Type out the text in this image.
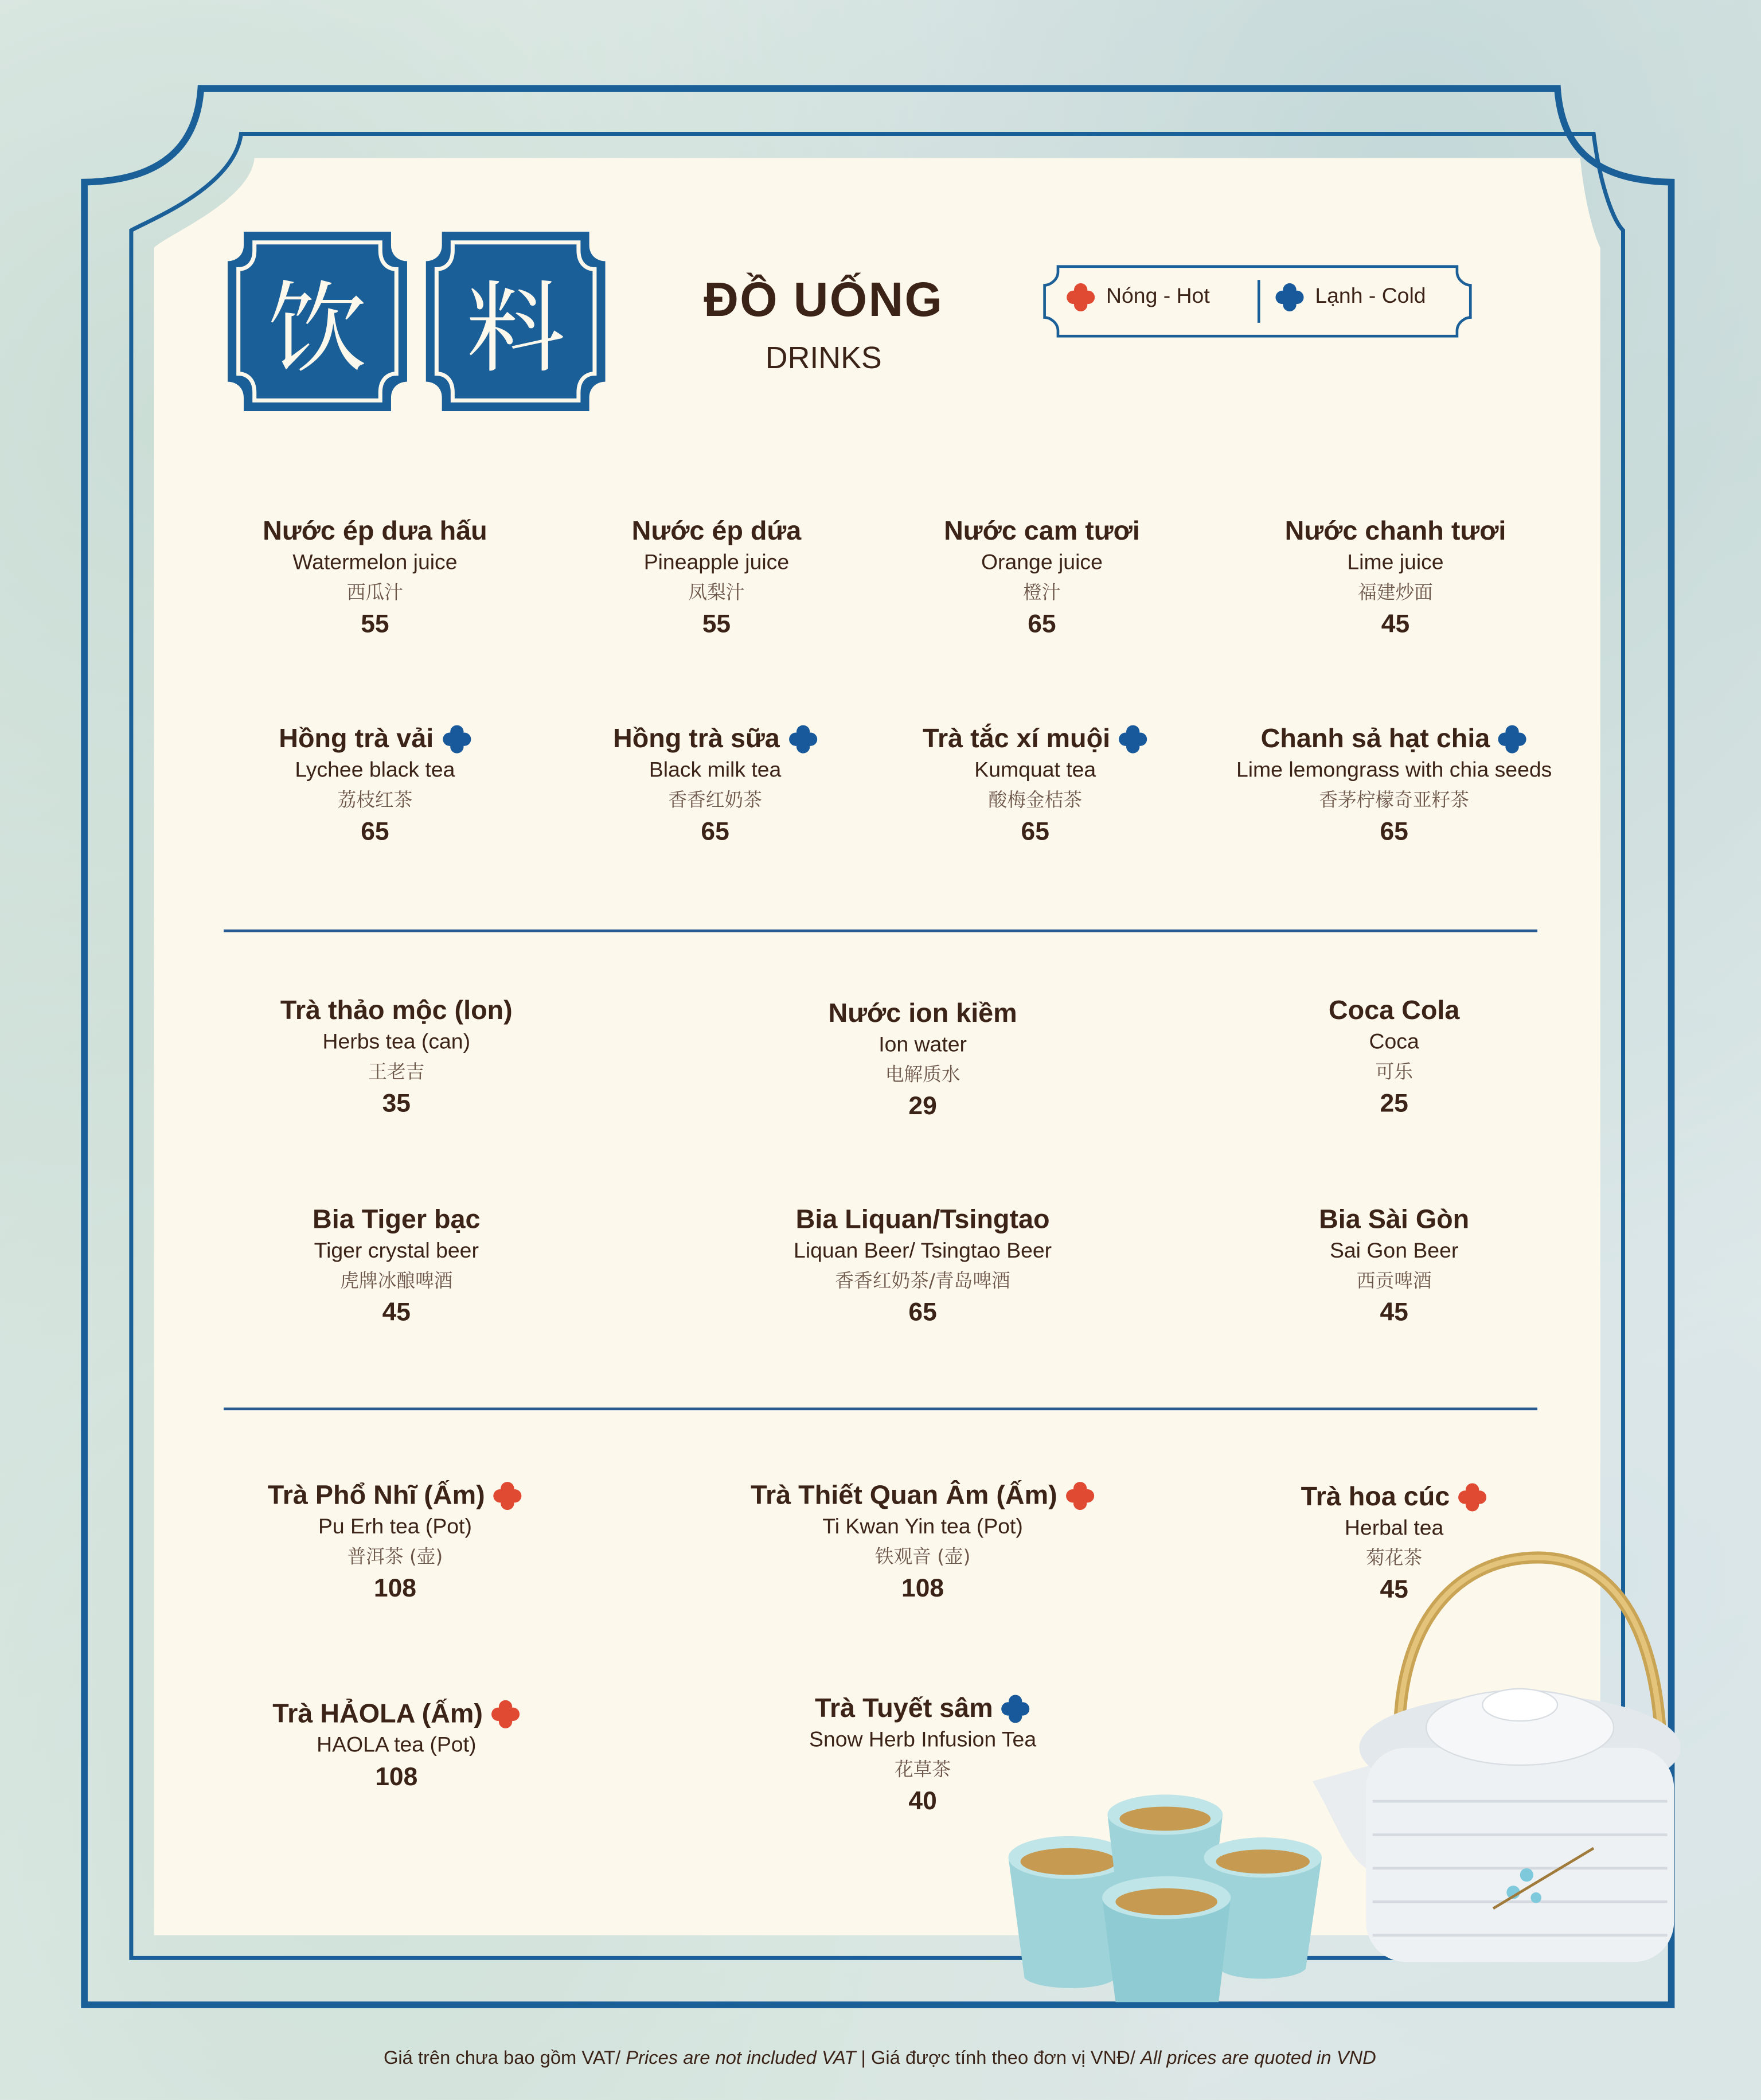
饮	料	ĐỒ UỐNG
DRINKS
Nóng - Hot	Lạnh - Cold
Nước ép dưa hấu
Watermelon juice
西瓜汁
55
Nước ép dứa
Pineapple juice
凤梨汁
55
Nước cam tươi
Orange juice
橙汁
65
Nước chanh tươi
Lime juice
福建炒面
45
Hồng trà vải
Lychee black tea
荔枝红茶
65
Hồng trà sữa
Black milk tea
香香红奶茶
65
Trà tắc xí muội
Kumquat tea
酸梅金桔茶
65
Chanh sả hạt chia
Lime lemongrass with chia seeds
香茅柠檬奇亚籽茶
65
Trà thảo mộc (lon)
Herbs tea (can)
王老吉
35
Nước ion kiềm
Ion water
电解质水
29
Coca Cola
Coca
可乐
25
Bia Tiger bạc
Tiger crystal beer
虎牌冰酿啤酒
45
Bia Liquan/Tsingtao
Liquan Beer/ Tsingtao Beer
香香红奶茶/青岛啤酒
65
Bia Sài Gòn
Sai Gon Beer
西贡啤酒
45
Trà Phổ Nhĩ (Ấm)
Pu Erh tea (Pot)
普洱茶 (壶)
108
Trà Thiết Quan Âm (Ấm)
Ti Kwan Yin tea (Pot)
铁观音 (壶)
108
Trà hoa cúc
Herbal tea
菊花茶
45
Trà HẢOLA (Ấm)
HAOLA tea (Pot)
108
Trà Tuyết sâm
Snow Herb Infusion Tea
花草茶
40
Giá trên chưa bao gồm VAT/ Prices are not included VAT | Giá được tính theo đơn vị VNĐ/ All prices are quoted in VND
